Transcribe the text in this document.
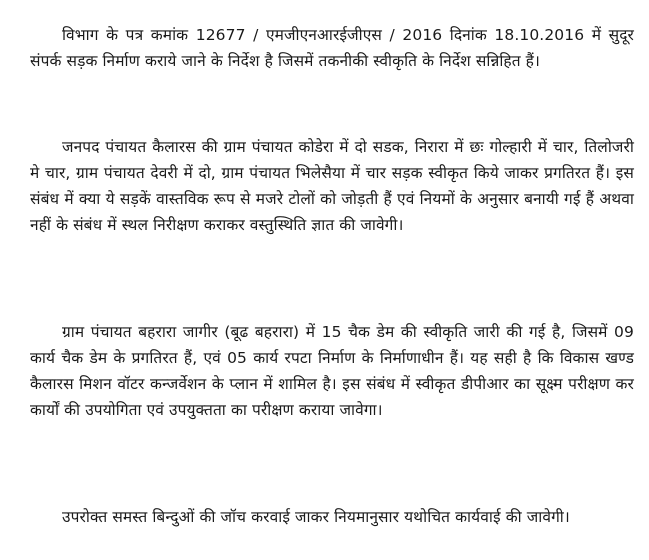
विभाग के पत्र कमांक 12677 / एमजीएनआरईजीएस / 2016 दिनांक 18.10.2016 में सुदूर संपर्क सड़क निर्माण कराये जाने के निर्देश है जिसमें तकनीकी स्वीकृति के निर्देश सन्निहित हैं।

जनपद पंचायत कैलारस की ग्राम पंचायत कोडेरा में दो सडक, निरारा में छः गोल्हारी में चार, तिलोजरी मे चार, ग्राम पंचायत देवरी में दो, ग्राम पंचायत भिलेसैया में चार सड़क स्वीकृत किये जाकर प्रगतिरत हैं। इस संबंध में क्या ये सड़कें वास्तविक रूप से मजरे टोलों को जोड़ती हैं एवं नियमों के अनुसार बनायी गई हैं अथवा नहीं के संबंध में स्थल निरीक्षण कराकर वस्तुस्थिति ज्ञात की जावेगी।

ग्राम पंचायत बहरारा जागीर (बूढ बहरारा) में 15 चैक डेम की स्वीकृति जारी की गई है, जिसमें 09 कार्य चैक डेम के प्रगतिरत हैं, एवं 05 कार्य रपटा निर्माण के निर्माणाधीन हैं। यह सही है कि विकास खण्ड कैलारस मिशन वॉटर कन्जर्वेशन के प्लान में शामिल है। इस संबंध में स्वीकृत डीपीआर का सूक्ष्म परीक्षण कर कार्यों की उपयोगिता एवं उपयुक्तता का परीक्षण कराया जावेगा।

उपरोक्त समस्त बिन्दुओं की जॉच करवाई जाकर नियमानुसार यथोचित कार्यवाई की जावेगी।
